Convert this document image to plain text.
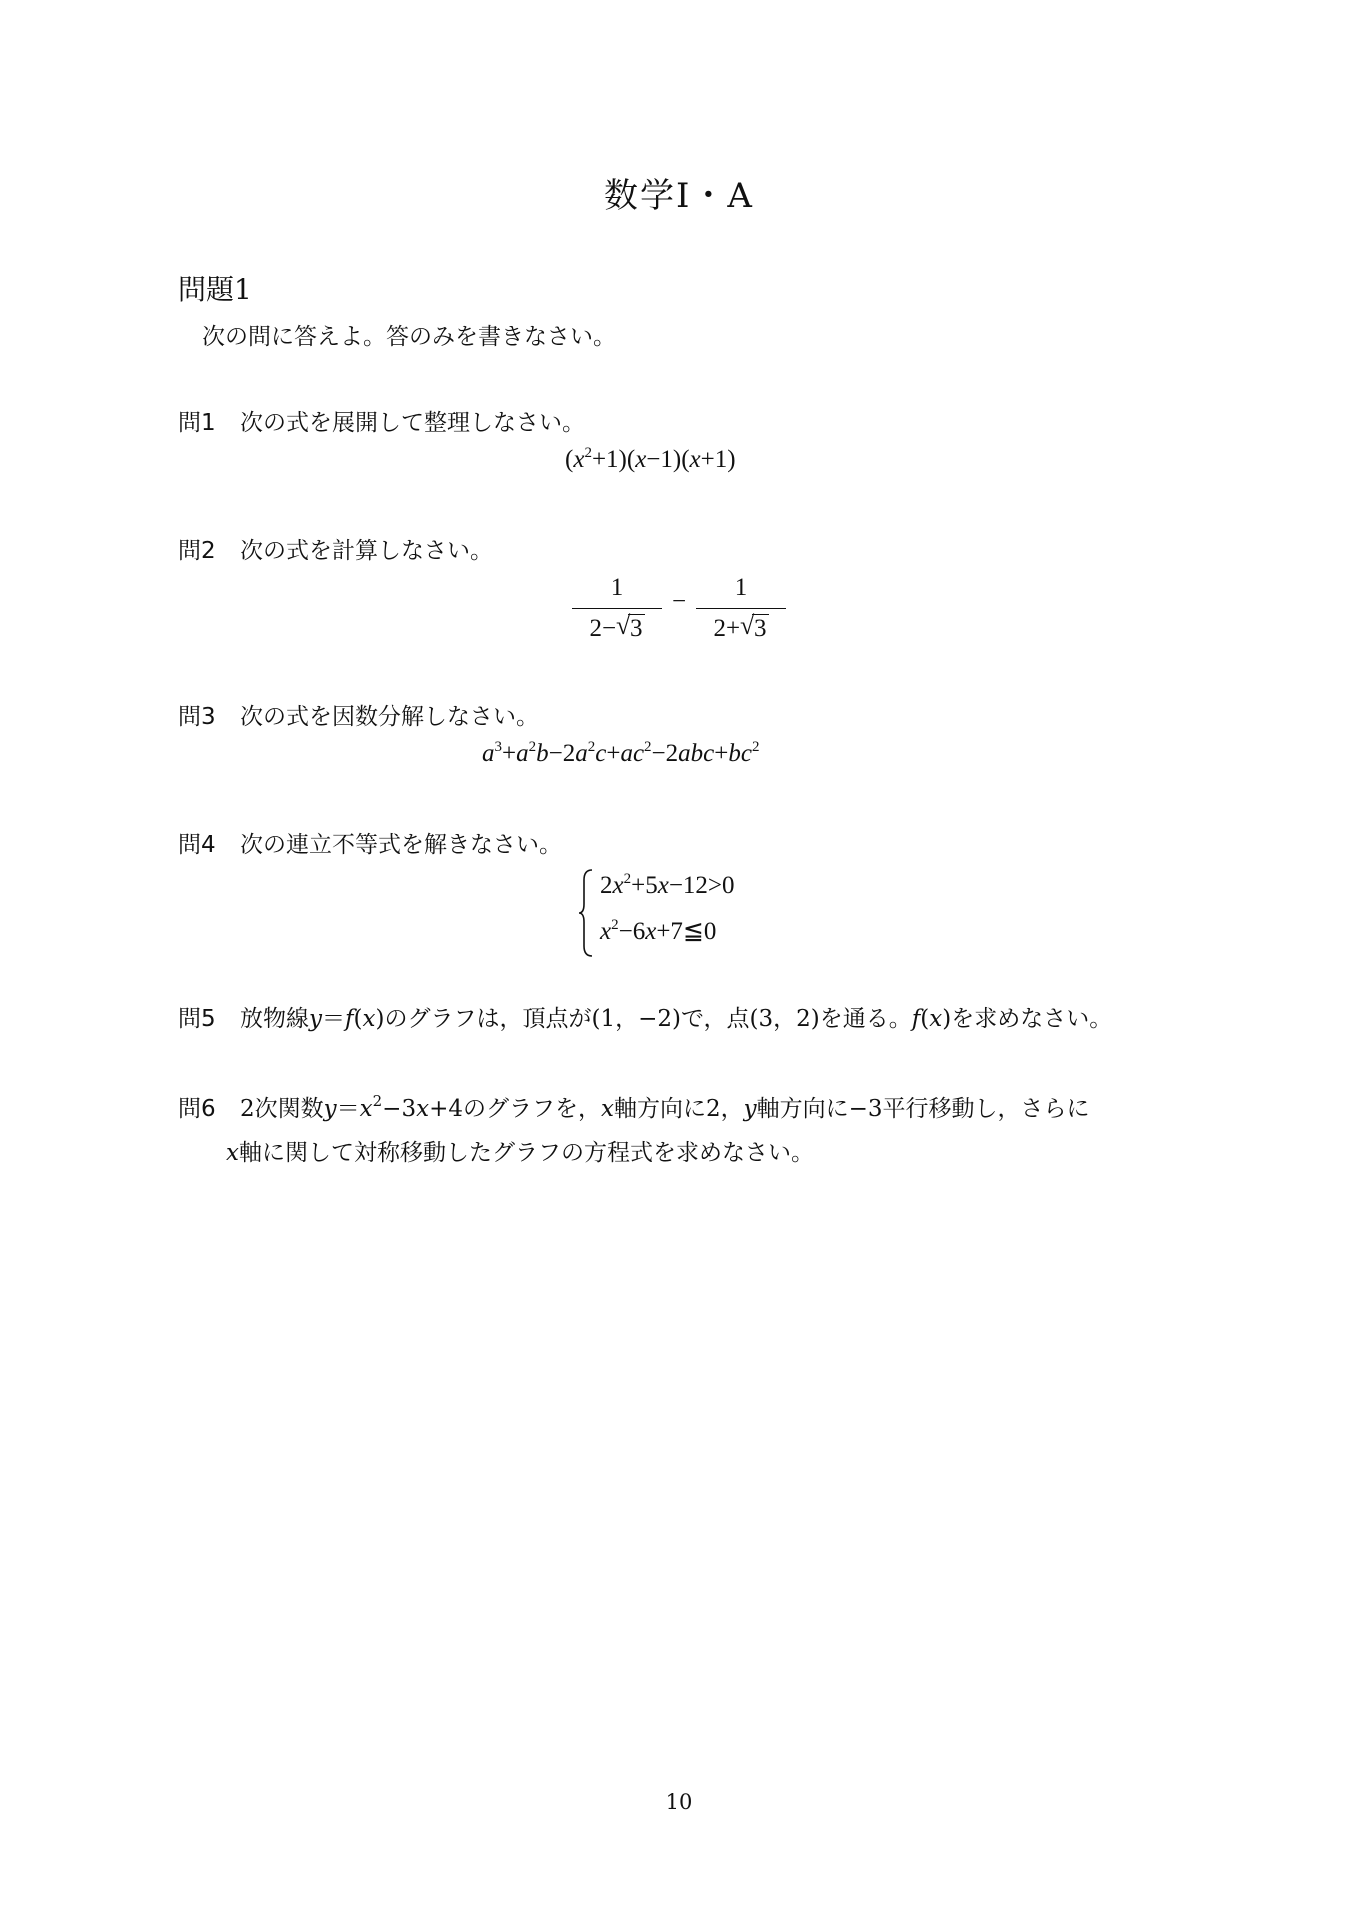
数学Ⅰ・A
問題1
次の問に答えよ。答のみを書きなさい。
問1 次の式を展開して整理しなさい。
$(x^2+1)(x-1)(x+1)$
問2 次の式を計算しなさい。
1
2− √ 3
−
1
2+ √ 3
問3 次の式を因数分解しなさい。
$a^3+a^2b-2a^2c+ac^2-2abc+bc^2$
問4 次の連立不等式を解きなさい。
$2x^2+5x-12>0$
$x^2-6x+7≦0$
問5 放物線y＝f(x)のグラフは，頂点が(1，−2)で，点(3，2)を通る。f(x)を求めなさい。
問6 2次関数$y=x^2-3x+4$のグラフを，x軸方向に2，y軸方向に−3平行移動し，さらに
x軸に関して対称移動したグラフの方程式を求めなさい。
10
